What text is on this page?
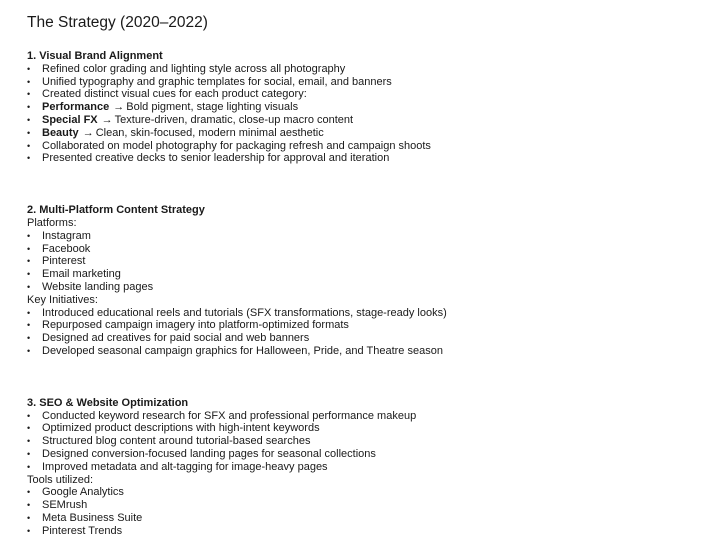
The Strategy (2020–2022)

1. Visual Brand Alignment

• Refined color grading and lighting style across all photography
• Unified typography and graphic templates for social, email, and banners
• Created distinct visual cues for each product category:
• Performance → Bold pigment, stage lighting visuals
• Special FX → Texture-driven, dramatic, close-up macro content
• Beauty → Clean, skin-focused, modern minimal aesthetic
• Collaborated on model photography for packaging refresh and campaign shoots
• Presented creative decks to senior leadership for approval and iteration

2. Multi-Platform Content Strategy

Platforms:

• Instagram
• Facebook
• Pinterest
• Email marketing
• Website landing pages

Key Initiatives:

• Introduced educational reels and tutorials (SFX transformations, stage-ready looks)
• Repurposed campaign imagery into platform-optimized formats
• Designed ad creatives for paid social and web banners
• Developed seasonal campaign graphics for Halloween, Pride, and Theatre season

3. SEO & Website Optimization

• Conducted keyword research for SFX and professional performance makeup
• Optimized product descriptions with high-intent keywords
• Structured blog content around tutorial-based searches
• Designed conversion-focused landing pages for seasonal collections
• Improved metadata and alt-tagging for image-heavy pages

Tools utilized:

• Google Analytics
• SEMrush
• Meta Business Suite
• Pinterest Trends
